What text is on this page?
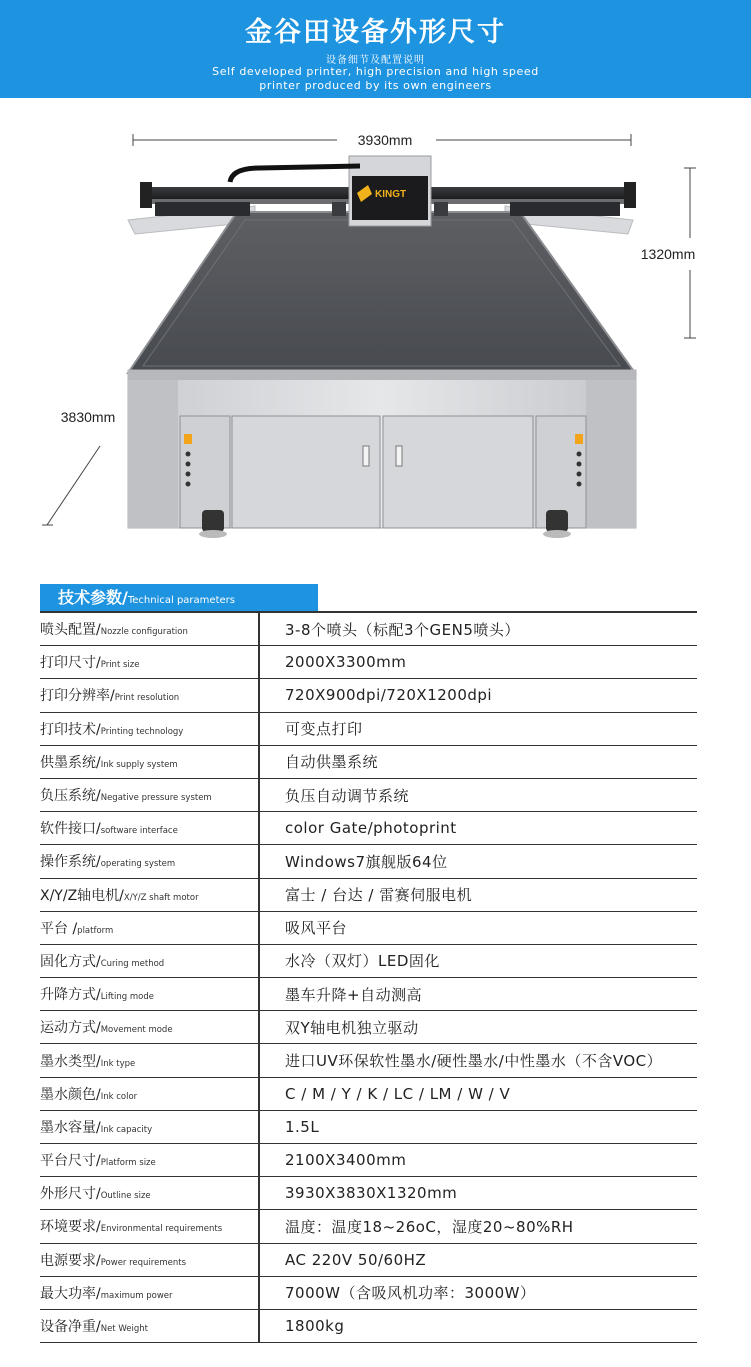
金谷田设备外形尺寸
设备细节及配置说明
Self developed printer, high precision and high speed
printer produced by its own engineers
3930mm
1320mm
3830mm
KINGT
技术参数/Technical parameters
喷头配置/Nozzle configuration	3-8个喷头（标配3个GEN5喷头）
打印尺寸/Print size	2000X3300mm
打印分辨率/Print resolution	720X900dpi/720X1200dpi
打印技术/Printing technology	可变点打印
供墨系统/Ink supply system	自动供墨系统
负压系统/Negative pressure system	负压自动调节系统
软件接口/software interface	color Gate/photoprint
操作系统/operating system	Windows7旗舰版64位
X/Y/Z轴电机/X/Y/Z shaft motor	富士 / 台达 / 雷赛伺服电机
平台 /platform	吸风平台
固化方式/Curing method	水冷（双灯）LED固化
升降方式/Lifting mode	墨车升降+自动测高
运动方式/Movement mode	双Y轴电机独立驱动
墨水类型/Ink type	进口UV环保软性墨水/硬性墨水/中性墨水（不含VOC）
墨水颜色/Ink color	C / M / Y / K / LC / LM / W / V
墨水容量/Ink capacity	1.5L
平台尺寸/Platform size	2100X3400mm
外形尺寸/Outline size	3930X3830X1320mm
环境要求/Environmental requirements	温度：温度18~26oC，湿度20~80%RH
电源要求/Power requirements	AC 220V 50/60HZ
最大功率/maximum power	7000W（含吸风机功率：3000W）
设备净重/Net Weight	1800kg
